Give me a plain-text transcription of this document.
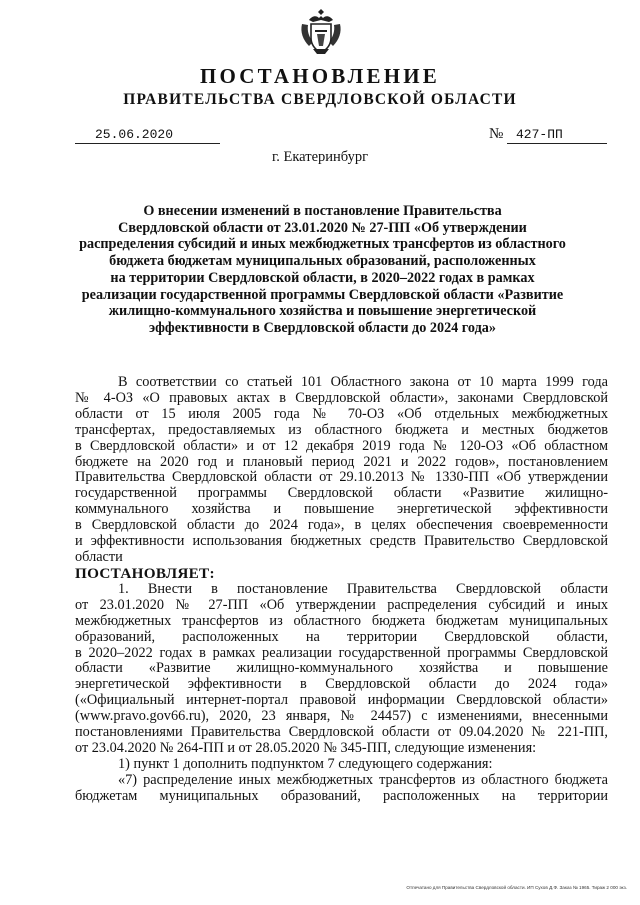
ПОСТАНОВЛЕНИЕ
ПРАВИТЕЛЬСТВА СВЕРДЛОВСКОЙ ОБЛАСТИ
25.06.2020	№ 427-ПП
г. Екатеринбург
О внесении изменений в постановление Правительства
Свердловской области от 23.01.2020 № 27-ПП «Об утверждении
распределения субсидий и иных межбюджетных трансфертов из областного
бюджета бюджетам муниципальных образований, расположенных
на территории Свердловской области, в 2020–2022 годах в рамках
реализации государственной программы Свердловской области «Развитие
жилищно-коммунального хозяйства и повышение энергетической
эффективности в Свердловской области до 2024 года»
В соответствии со статьей 101 Областного закона от 10 марта 1999 года
№ 4-ОЗ «О правовых актах в Свердловской области», законами Свердловской
области от 15 июля 2005 года № 70-ОЗ «Об отдельных межбюджетных
трансфертах, предоставляемых из областного бюджета и местных бюджетов
в Свердловской области» и от 12 декабря 2019 года № 120-ОЗ «Об областном
бюджете на 2020 год и плановый период 2021 и 2022 годов», постановлением
Правительства Свердловской области от 29.10.2013 № 1330-ПП «Об утверждении
государственной программы Свердловской области «Развитие жилищно-
коммунального хозяйства и повышение энергетической эффективности
в Свердловской области до 2024 года», в целях обеспечения своевременности
и эффективности использования бюджетных средств Правительство Свердловской
области
ПОСТАНОВЛЯЕТ:
1. Внести в постановление Правительства Свердловской области
от 23.01.2020 № 27-ПП «Об утверждении распределения субсидий и иных
межбюджетных трансфертов из областного бюджета бюджетам муниципальных
образований, расположенных на территории Свердловской области,
в 2020–2022 годах в рамках реализации государственной программы Свердловской
области «Развитие жилищно-коммунального хозяйства и повышение
энергетической эффективности в Свердловской области до 2024 года»
(«Официальный интернет-портал правовой информации Свердловской области»
(www.pravo.gov66.ru), 2020, 23 января, № 24457) с изменениями, внесенными
постановлениями Правительства Свердловской области от 09.04.2020 № 221-ПП,
от 23.04.2020 № 264-ПП и от 28.05.2020 № 345-ПП, следующие изменения:
1) пункт 1 дополнить подпунктом 7 следующего содержания:
«7) распределение иных межбюджетных трансфертов из областного бюджета
бюджетам муниципальных образований, расположенных на территории
Отпечатано для Правительства Свердловской области. ИП Сухов Д.Ф. Заказ № 1965. Тираж 2 000 экз.
